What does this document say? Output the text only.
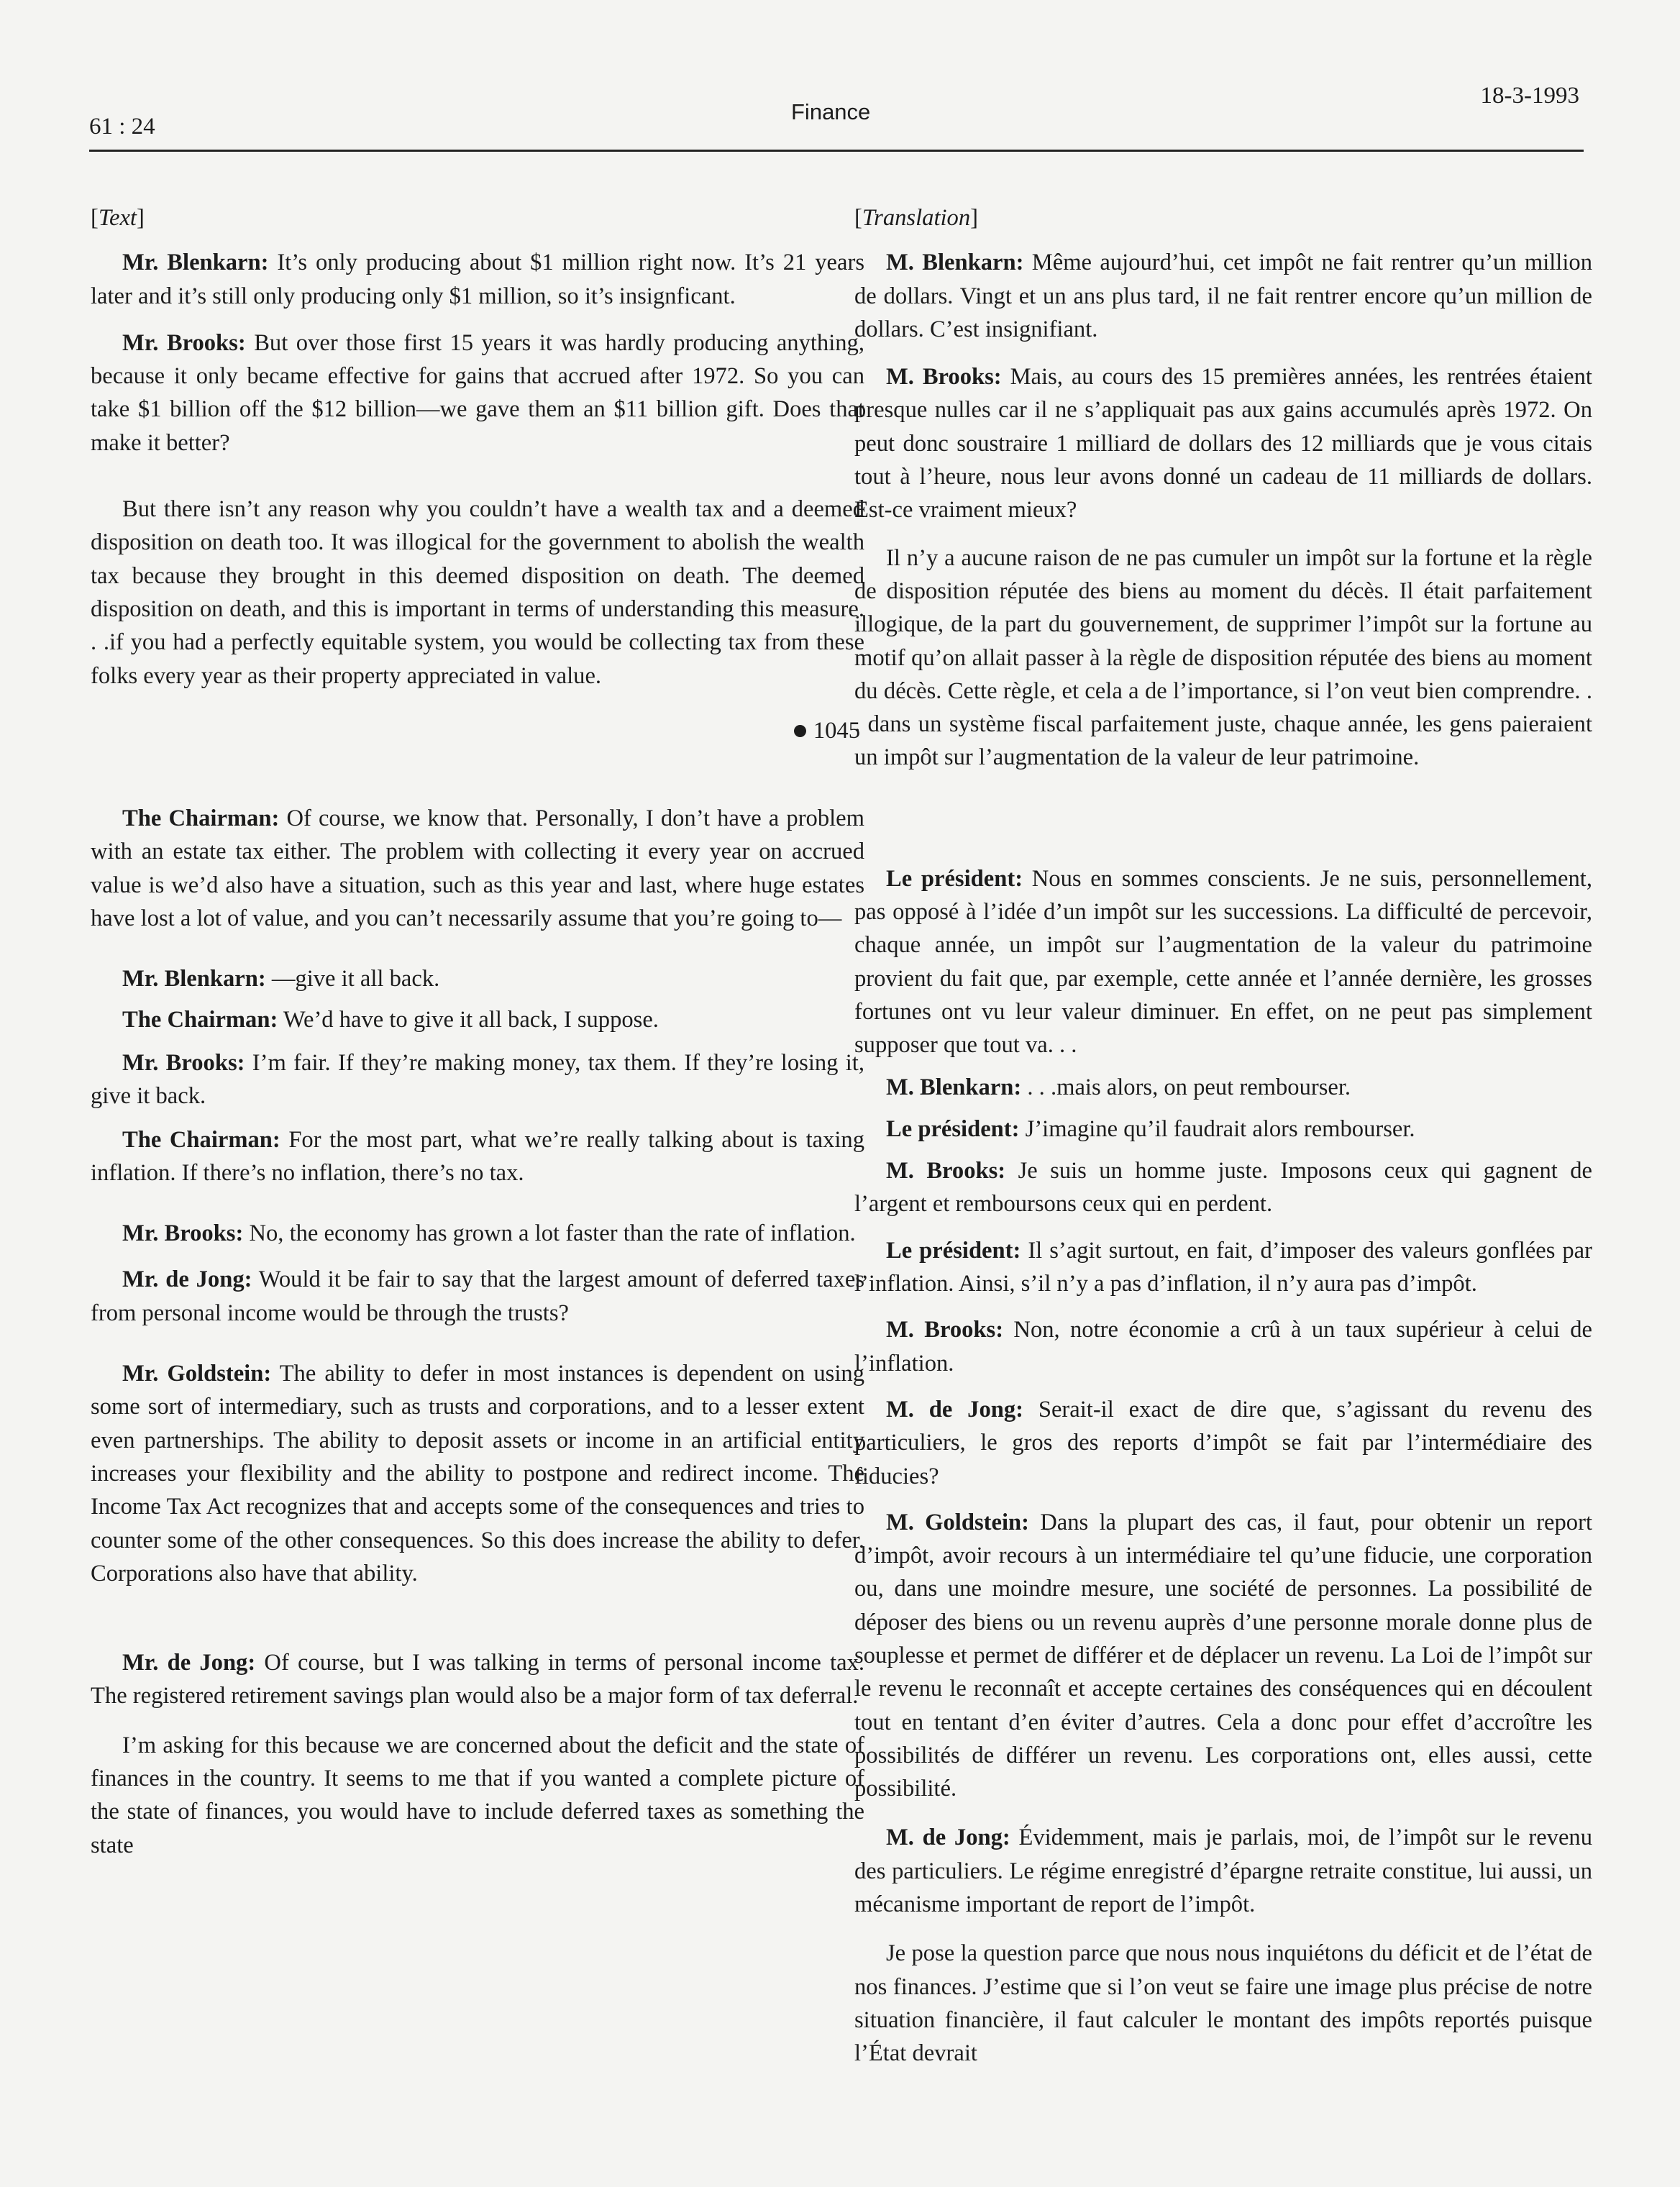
61 : 24
Finance
18-3-1993

[Text]

Mr. Blenkarn: It’s only producing about $1 million right now. It’s 21 years later and it’s still only producing only $1 million, so it’s insignficant.

Mr. Brooks: But over those first 15 years it was hardly producing anything, because it only became effective for gains that accrued after 1972. So you can take $1 billion off the $12 billion—we gave them an $11 billion gift. Does that make it better?

But there isn’t any reason why you couldn’t have a wealth tax and a deemed disposition on death too. It was illogical for the government to abolish the wealth tax because they brought in this deemed disposition on death. The deemed disposition on death, and this is important in terms of understanding this measure. . .if you had a perfectly equitable system, you would be collecting tax from these folks every year as their property appreciated in value.

1045

The Chairman: Of course, we know that. Personally, I don’t have a problem with an estate tax either. The problem with collecting it every year on accrued value is we’d also have a situation, such as this year and last, where huge estates have lost a lot of value, and you can’t necessarily assume that you’re going to—

Mr. Blenkarn: —give it all back.

The Chairman: We’d have to give it all back, I suppose.

Mr. Brooks: I’m fair. If they’re making money, tax them. If they’re losing it, give it back.

The Chairman: For the most part, what we’re really talking about is taxing inflation. If there’s no inflation, there’s no tax.

Mr. Brooks: No, the economy has grown a lot faster than the rate of inflation.

Mr. de Jong: Would it be fair to say that the largest amount of deferred taxes from personal income would be through the trusts?

Mr. Goldstein: The ability to defer in most instances is dependent on using some sort of intermediary, such as trusts and corporations, and to a lesser extent even partnerships. The ability to deposit assets or income in an artificial entity increases your flexibility and the ability to postpone and redirect income. The Income Tax Act recognizes that and accepts some of the consequences and tries to counter some of the other consequences. So this does increase the ability to defer. Corporations also have that ability.

Mr. de Jong: Of course, but I was talking in terms of personal income tax. The registered retirement savings plan would also be a major form of tax deferral.

I’m asking for this because we are concerned about the deficit and the state of finances in the country. It seems to me that if you wanted a complete picture of the state of finances, you would have to include deferred taxes as something the state

[Translation]

M. Blenkarn: Même aujourd’hui, cet impôt ne fait rentrer qu’un million de dollars. Vingt et un ans plus tard, il ne fait rentrer encore qu’un million de dollars. C’est insignifiant.

M. Brooks: Mais, au cours des 15 premières années, les rentrées étaient presque nulles car il ne s’appliquait pas aux gains accumulés après 1972. On peut donc soustraire 1 milliard de dollars des 12 milliards que je vous citais tout à l’heure, nous leur avons donné un cadeau de 11 milliards de dollars. Est-ce vraiment mieux?

Il n’y a aucune raison de ne pas cumuler un impôt sur la fortune et la règle de disposition réputée des biens au moment du décès. Il était parfaitement illogique, de la part du gouvernement, de supprimer l’impôt sur la fortune au motif qu’on allait passer à la règle de disposition réputée des biens au moment du décès. Cette règle, et cela a de l’importance, si l’on veut bien comprendre. . . dans un système fiscal parfaitement juste, chaque année, les gens paieraient un impôt sur l’augmentation de la valeur de leur patrimoine.

Le président: Nous en sommes conscients. Je ne suis, personnellement, pas opposé à l’idée d’un impôt sur les successions. La difficulté de percevoir, chaque année, un impôt sur l’augmentation de la valeur du patrimoine provient du fait que, par exemple, cette année et l’année dernière, les grosses fortunes ont vu leur valeur diminuer. En effet, on ne peut pas simplement supposer que tout va. . .

M. Blenkarn: . . .mais alors, on peut rembourser.

Le président: J’imagine qu’il faudrait alors rembourser.

M. Brooks: Je suis un homme juste. Imposons ceux qui gagnent de l’argent et remboursons ceux qui en perdent.

Le président: Il s’agit surtout, en fait, d’imposer des valeurs gonflées par l’inflation. Ainsi, s’il n’y a pas d’inflation, il n’y aura pas d’impôt.

M. Brooks: Non, notre économie a crû à un taux supérieur à celui de l’inflation.

M. de Jong: Serait-il exact de dire que, s’agissant du revenu des particuliers, le gros des reports d’impôt se fait par l’intermédiaire des fiducies?

M. Goldstein: Dans la plupart des cas, il faut, pour obtenir un report d’impôt, avoir recours à un intermédiaire tel qu’une fiducie, une corporation ou, dans une moindre mesure, une société de personnes. La possibilité de déposer des biens ou un revenu auprès d’une personne morale donne plus de souplesse et permet de différer et de déplacer un revenu. La Loi de l’impôt sur le revenu le reconnaît et accepte certaines des conséquences qui en découlent tout en tentant d’en éviter d’autres. Cela a donc pour effet d’accroître les possibilités de différer un revenu. Les corporations ont, elles aussi, cette possibilité.

M. de Jong: Évidemment, mais je parlais, moi, de l’impôt sur le revenu des particuliers. Le régime enregistré d’épargne retraite constitue, lui aussi, un mécanisme important de report de l’impôt.

Je pose la question parce que nous nous inquiétons du déficit et de l’état de nos finances. J’estime que si l’on veut se faire une image plus précise de notre situation financière, il faut calculer le montant des impôts reportés puisque l’État devrait
